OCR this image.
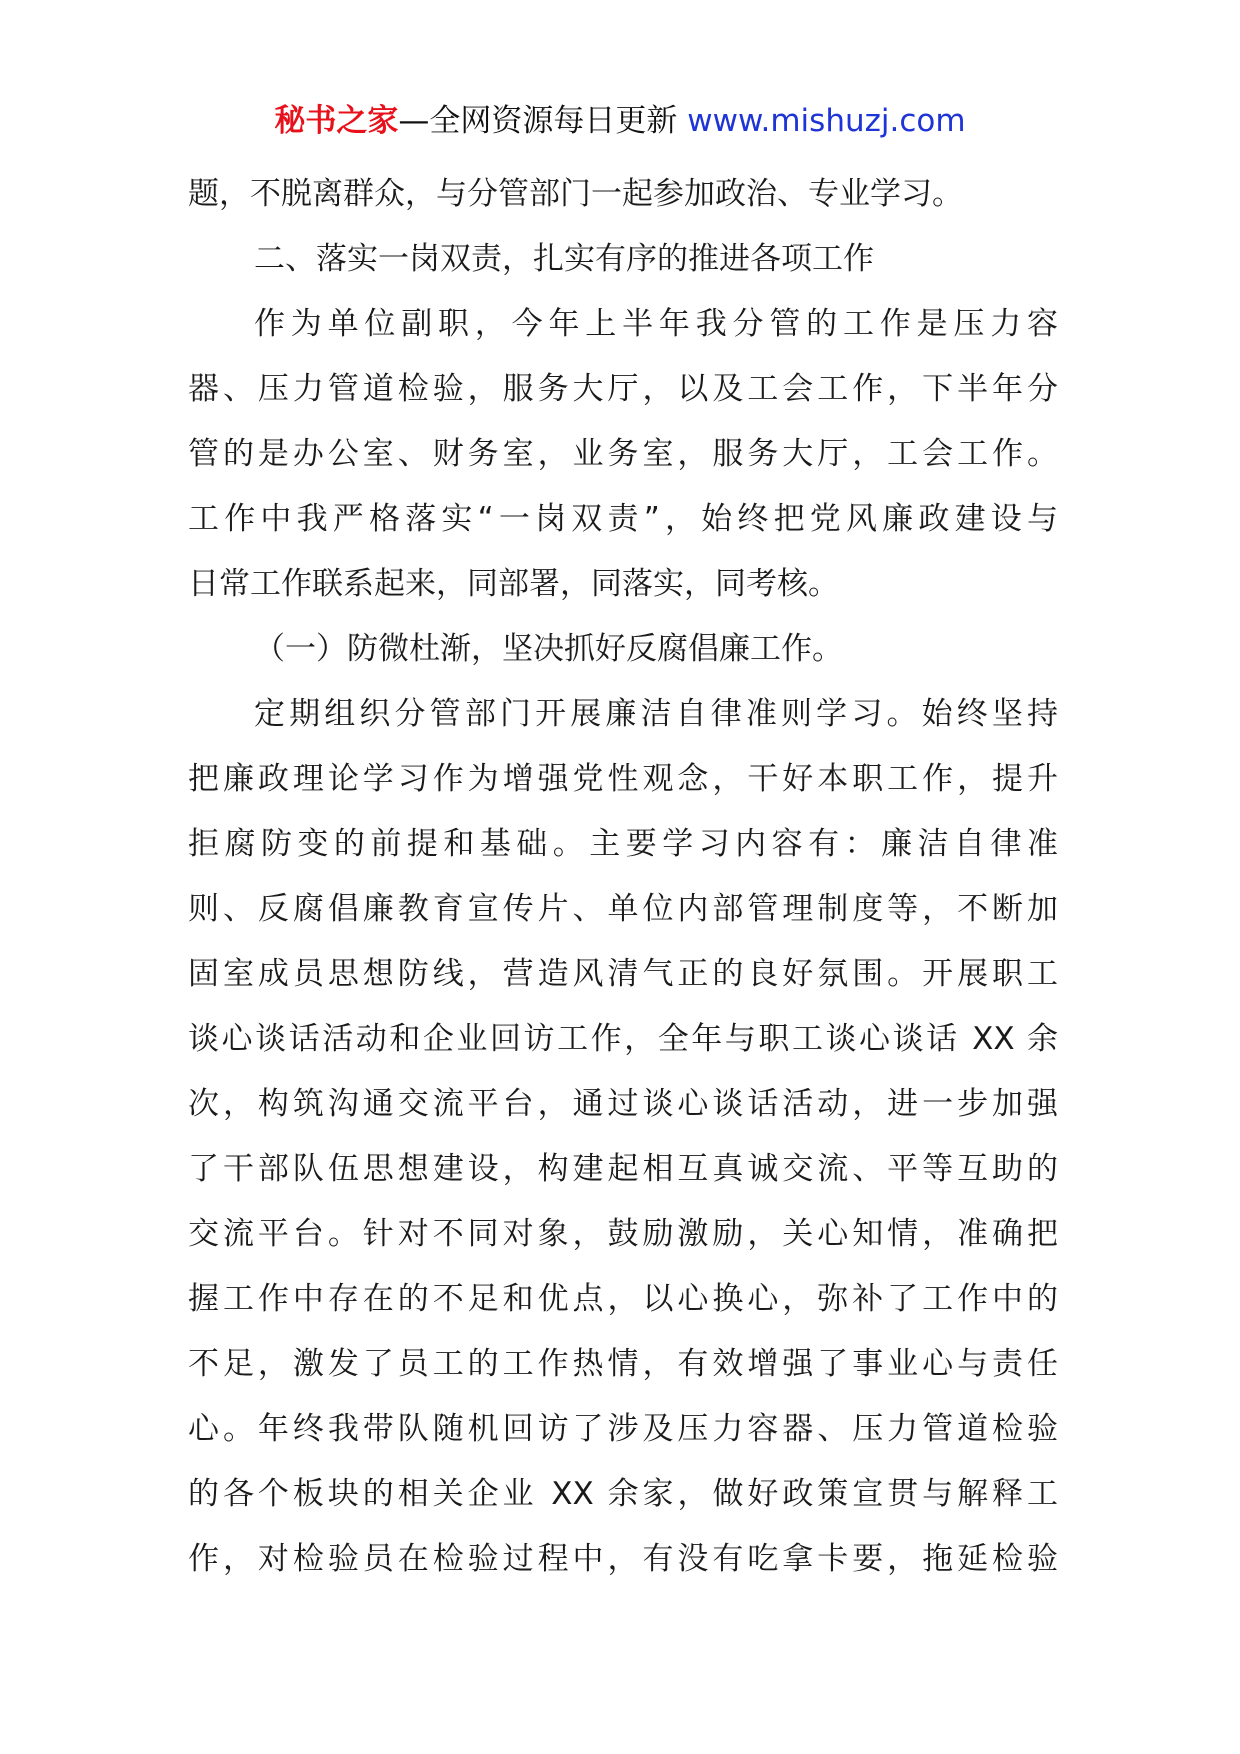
秘书之家—全网资源每日更新 www.mishuzj.com
题，不脱离群众，与分管部门一起参加政治、专业学习。
二、落实一岗双责，扎实有序的推进各项工作
作为单位副职，今年上半年我分管的工作是压力容
器、压力管道检验，服务大厅，以及工会工作，下半年分
管的是办公室、财务室，业务室，服务大厅，工会工作。
工作中我严格落实“一岗双责”，始终把党风廉政建设与
日常工作联系起来，同部署，同落实，同考核。
（一）防微杜渐，坚决抓好反腐倡廉工作。
定期组织分管部门开展廉洁自律准则学习。始终坚持
把廉政理论学习作为增强党性观念，干好本职工作，提升
拒腐防变的前提和基础。主要学习内容有：廉洁自律准
则、反腐倡廉教育宣传片、单位内部管理制度等，不断加
固室成员思想防线，营造风清气正的良好氛围。开展职工
谈心谈话活动和企业回访工作，全年与职工谈心谈话 XX 余
次，构筑沟通交流平台，通过谈心谈话活动，进一步加强
了干部队伍思想建设，构建起相互真诚交流、平等互助的
交流平台。针对不同对象，鼓励激励，关心知情，准确把
握工作中存在的不足和优点，以心换心，弥补了工作中的
不足，激发了员工的工作热情，有效增强了事业心与责任
心。年终我带队随机回访了涉及压力容器、压力管道检验
的各个板块的相关企业 XX 余家，做好政策宣贯与解释工
作，对检验员在检验过程中，有没有吃拿卡要，拖延检验
